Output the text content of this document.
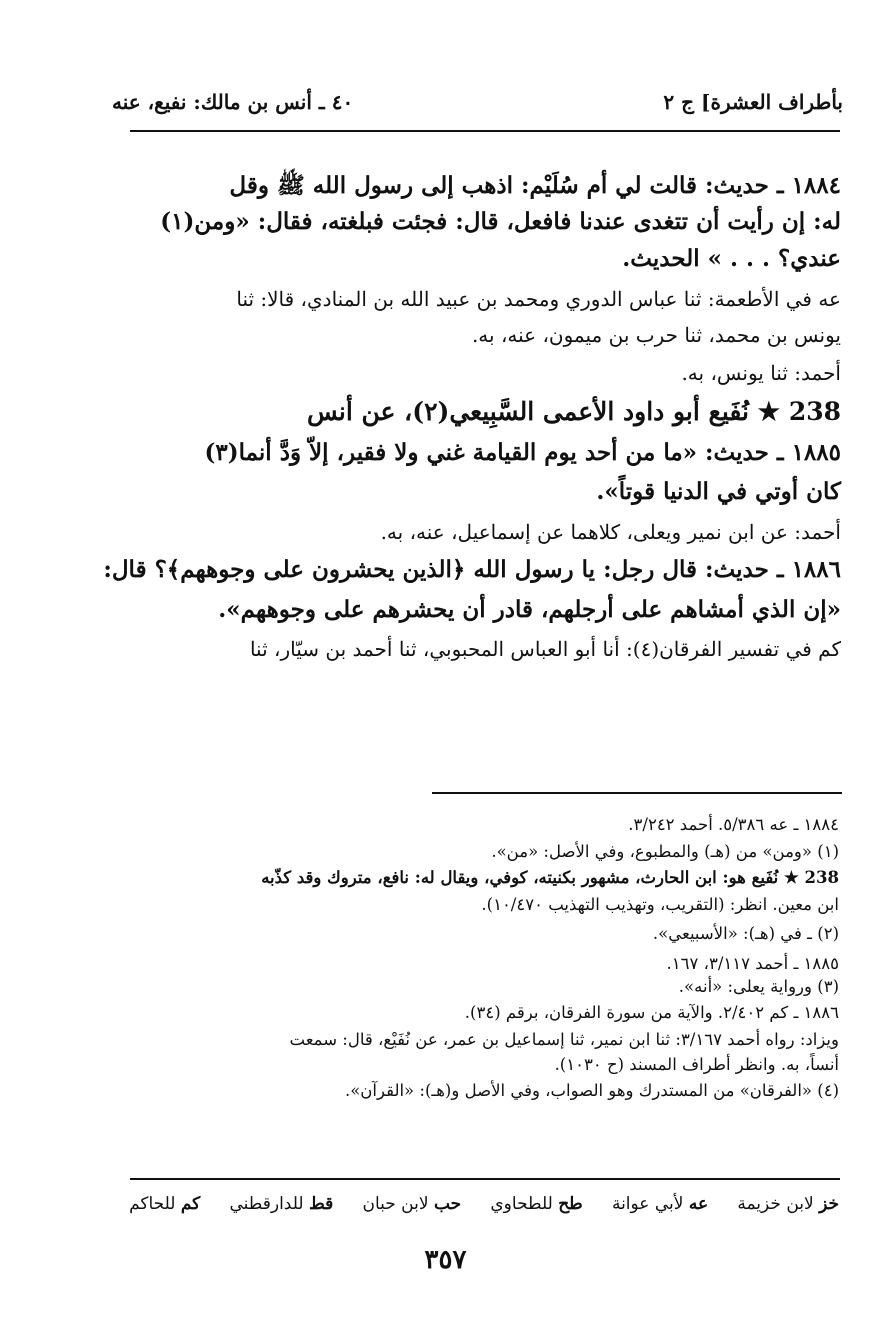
بأطراف العشرة] ج ٢
٤٠ ـ أنس بن مالك: نفيع، عنه

١٨٨٤ ـ حديث: قالت لي أم سُلَيْم: اذهب إلى رسول الله ﷺ وقل

له: إن رأيت أن تتغدى عندنا فافعل، قال: فجئت فبلغته، فقال: «ومن(١)

عندي؟ . . . » الحديث.

عه في الأطعمة: ثنا عباس الدوري ومحمد بن عبيد الله بن المنادي، قالا: ثنا

يونس بن محمد، ثنا حرب بن ميمون، عنه، به.

أحمد: ثنا يونس، به.

238 ★ نُفَيع أبو داود الأعمى السَّبِيعي(٢)، عن أنس

١٨٨٥ ـ حديث: «ما من أحد يوم القيامة غني ولا فقير، إلاّ وَدَّ أنما(٣)

كان أوتي في الدنيا قوتاً».

أحمد: عن ابن نمير ويعلى، كلاهما عن إسماعيل، عنه، به.

١٨٨٦ ـ حديث: قال رجل: يا رسول الله ﴿الذين يحشرون على وجوههم﴾؟ قال:

«إن الذي أمشاهم على أرجلهم، قادر أن يحشرهم على وجوههم».

كم في تفسير الفرقان(٤): أنا أبو العباس المحبوبي، ثنا أحمد بن سيّار، ثنا

١٨٨٤ ـ عه ٥/٣٨٦. أحمد ٣/٢٤٢.

(١) «ومن» من (هـ) والمطبوع، وفي الأصل: «من».

238 ★ نُفَيع هو: ابن الحارث، مشهور بكنيته، كوفي، ويقال له: نافع، متروك وقد كذّبه

ابن معين. انظر: (التقريب، وتهذيب التهذيب ١٠/٤٧٠).

(٢) ـ في (هـ): «الأسبيعي».

١٨٨٥ ـ أحمد ٣/١١٧، ١٦٧.

(٣) ورواية يعلى: «أنه».

١٨٨٦ ـ كم ٢/٤٠٢. والآية من سورة الفرقان، برقم (٣٤).

ويزاد: رواه أحمد ٣/١٦٧: ثنا ابن نمير، ثنا إسماعيل بن عمر، عن نُفَيْع، قال: سمعت

أنساً، به. وانظر أطراف المسند (ح ١٠٣٠).

(٤) «الفرقان» من المستدرك وهو الصواب، وفي الأصل و(هـ): «القرآن».

خز لابن خزيمة
عه لأبي عوانة
طح للطحاوي
حب لابن حبان
قط للدارقطني
كم للحاكم
٣٥٧
